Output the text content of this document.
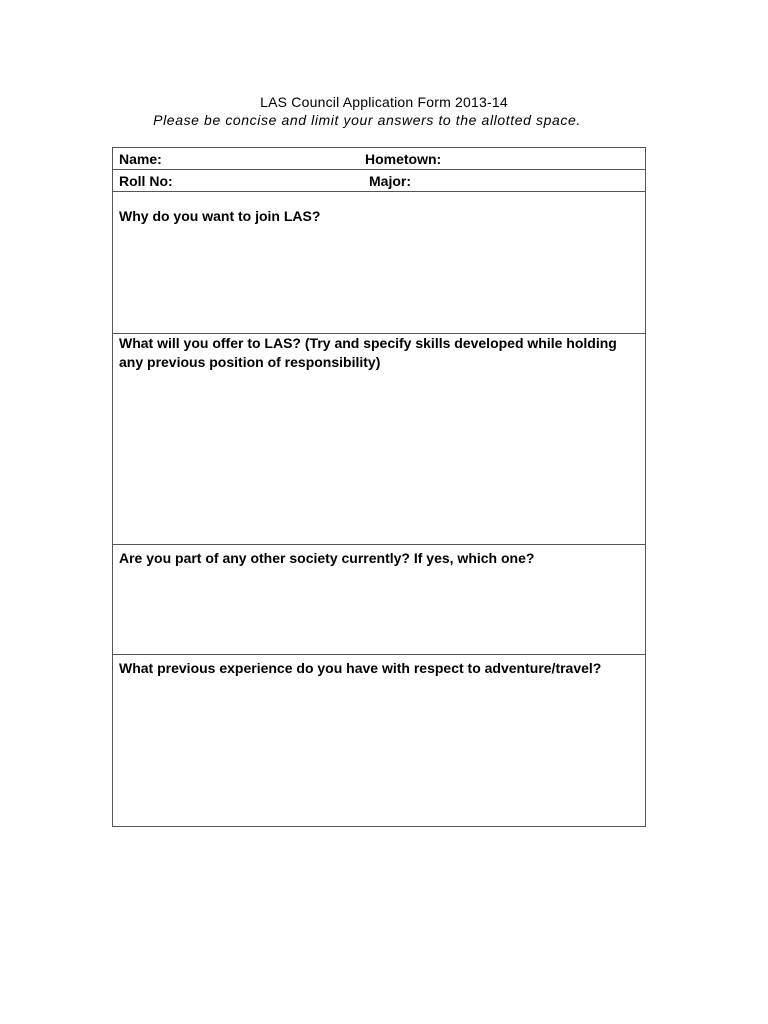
LAS Council Application Form 2013-14
Please be concise and limit your answers to the allotted space.
Name:	Hometown:
Roll No:	Major:
Why do you want to join LAS?
What will you offer to LAS? (Try and specify skills developed while holding any previous position of responsibility)
Are you part of any other society currently? If yes, which one?
What previous experience do you have with respect to adventure/travel?
